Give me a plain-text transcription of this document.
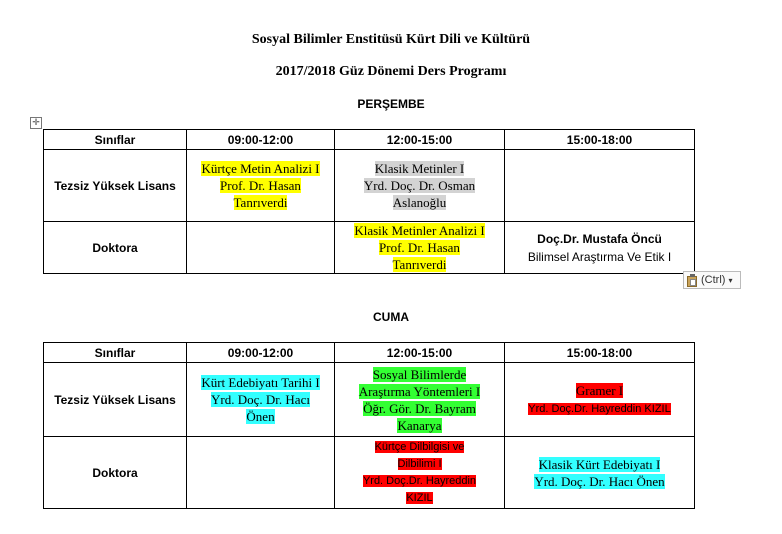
Sosyal Bilimler Enstitüsü Kürt Dili ve Kültürü
2017/2018 Güz Dönemi Ders Programı
PERŞEMBE
✛
Sınıflar	09:00-12:00	12:00-15:00	15:00-18:00
Tezsiz Yüksek Lisans	Kürtçe Metin Analizi I
Prof. Dr. Hasan
Tanrıverdi	Klasik Metinler I
Yrd. Doç. Dr. Osman
Aslanoğlu	
Doktora		Klasik Metinler Analizi I
Prof. Dr. Hasan
Tanrıverdi	Doç.Dr. Mustafa Öncü
Bilimsel Araştırma Ve Etik I
(Ctrl) ▾
CUMA
Sınıflar	09:00-12:00	12:00-15:00	15:00-18:00
Tezsiz Yüksek Lisans	Kürt Edebiyatı Tarihi I
Yrd. Doç. Dr. Hacı
Önen	Sosyal Bilimlerde
Araştırma Yöntemleri I
Öğr. Gör. Dr. Bayram
Kanarya	Gramer I
Yrd. Doç.Dr. Hayreddin KIZIL
Doktora		Kürtçe Dilbilgisi ve
Dilbilimi I
Yrd. Doç.Dr. Hayreddin
KIZIL	Klasik Kürt Edebiyatı I
Yrd. Doç. Dr. Hacı Önen
